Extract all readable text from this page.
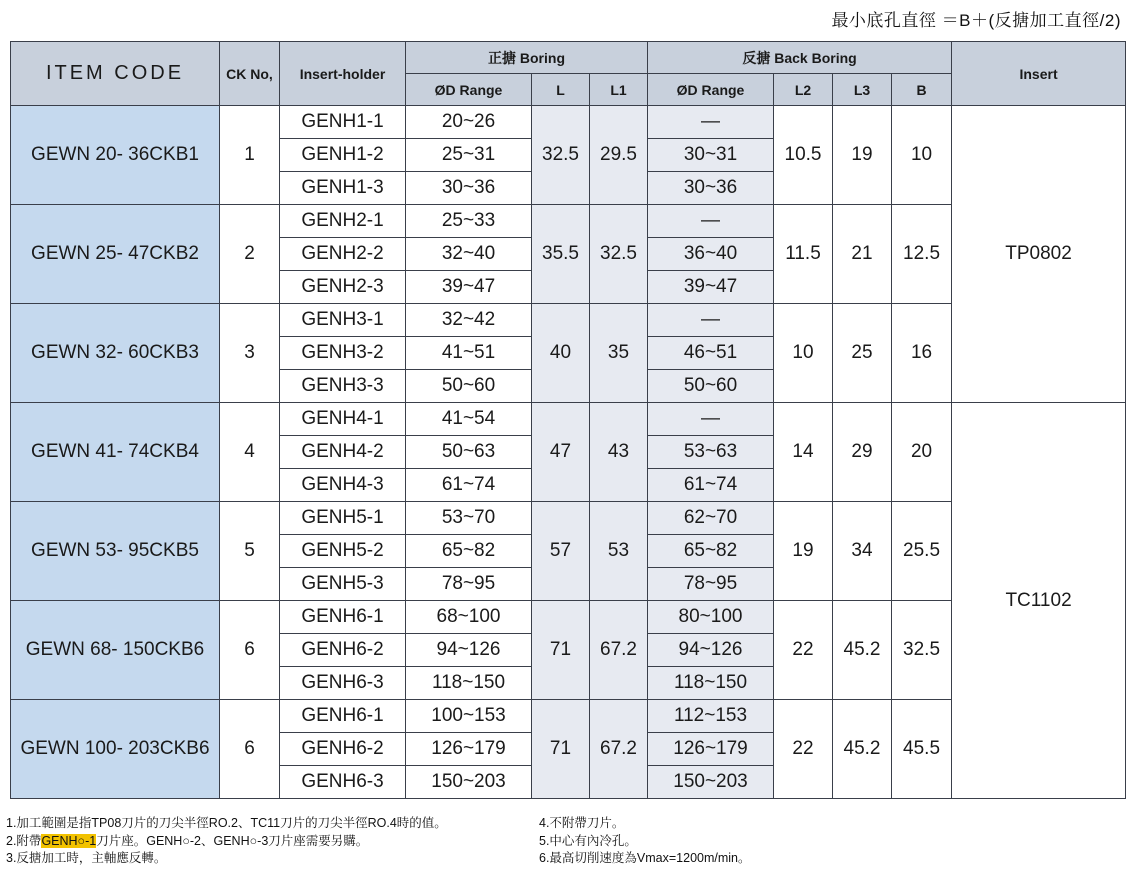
最小底孔直徑 ＝B＋(反搪加工直徑/2)
ITEM CODE	CK No,	Insert-holder	正搪 Boring			反搪 Back Boring				Insert
			ØD Range	L	L1	ØD Range	L2	L3	B	
GEWN 20- 36CKB1	1	GENH1-1	20~26	32.5	29.5	—	10.5	19	10	TP0802
		GENH1-2	25~31			30~31				
		GENH1-3	30~36			30~36				
GEWN 25- 47CKB2	2	GENH2-1	25~33	35.5	32.5	—	11.5	21	12.5	
		GENH2-2	32~40			36~40				
		GENH2-3	39~47			39~47				
GEWN 32- 60CKB3	3	GENH3-1	32~42	40	35	—	10	25	16	
		GENH3-2	41~51			46~51				
		GENH3-3	50~60			50~60				
GEWN 41- 74CKB4	4	GENH4-1	41~54	47	43	—	14	29	20	TC1102
		GENH4-2	50~63			53~63				
		GENH4-3	61~74			61~74				
GEWN 53- 95CKB5	5	GENH5-1	53~70	57	53	62~70	19	34	25.5	
		GENH5-2	65~82			65~82				
		GENH5-3	78~95			78~95				
GEWN 68- 150CKB6	6	GENH6-1	68~100	71	67.2	80~100	22	45.2	32.5	
		GENH6-2	94~126			94~126				
		GENH6-3	118~150			118~150				
GEWN 100- 203CKB6	6	GENH6-1	100~153	71	67.2	112~153	22	45.2	45.5	
		GENH6-2	126~179			126~179				
		GENH6-3	150~203			150~203				
1.加工範圍是指TP08刀片的刀尖半徑RO.2、TC11刀片的刀尖半徑RO.4時的值。
2.附帶GENH○-1刀片座。GENH○-2、GENH○-3刀片座需要另購。
3.反搪加工時，主軸應反轉。
4.不附帶刀片。
5.中心有內冷孔。
6.最高切削速度為Vmax=1200m/min。
